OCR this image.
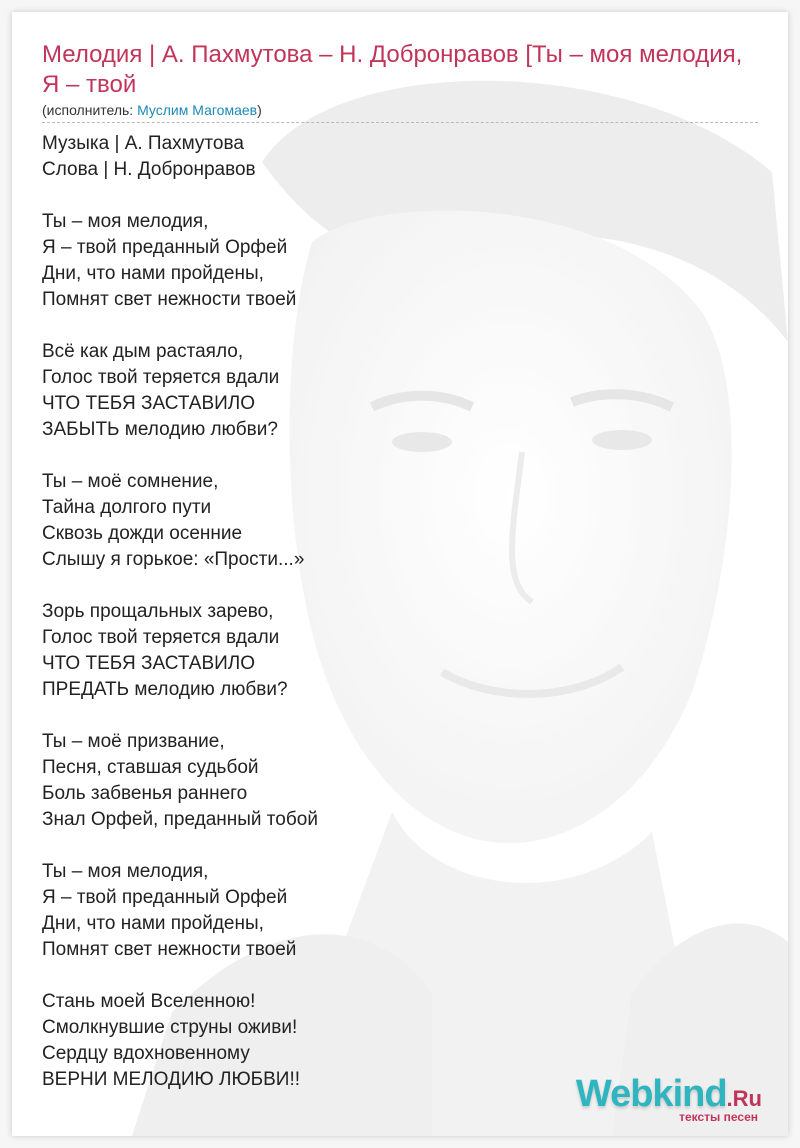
Мелодия | А. Пахмутова – Н. Добронравов [Ты – моя мелодия, Я – твой
(исполнитель: Муслим Магомаев)
Музыка | А. Пахмутова
Слова | Н. Добронравов
Ты – моя мелодия,
Я – твой преданный Орфей
Дни, что нами пройдены,
Помнят свет нежности твоей
Всё как дым растаяло,
Голос твой теряется вдали
ЧТО ТЕБЯ ЗАСТАВИЛО
ЗАБЫТЬ мелодию любви?
Ты – моё сомнение,
Тайна долгого пути
Сквозь дожди осенние
Слышу я горькое: «Прости...»
Зорь прощальных зарево,
Голос твой теряется вдали
ЧТО ТЕБЯ ЗАСТАВИЛО
ПРЕДАТЬ мелодию любви?
Ты – моё призвание,
Песня, ставшая судьбой
Боль забвенья раннего
Знал Орфей, преданный тобой
Ты – моя мелодия,
Я – твой преданный Орфей
Дни, что нами пройдены,
Помнят свет нежности твоей
Стань моей Вселенною!
Смолкнувшие струны оживи!
Сердцу вдохновенному
ВЕРНИ МЕЛОДИЮ ЛЮБВИ!!	Webkind.Ru
тексты песен
